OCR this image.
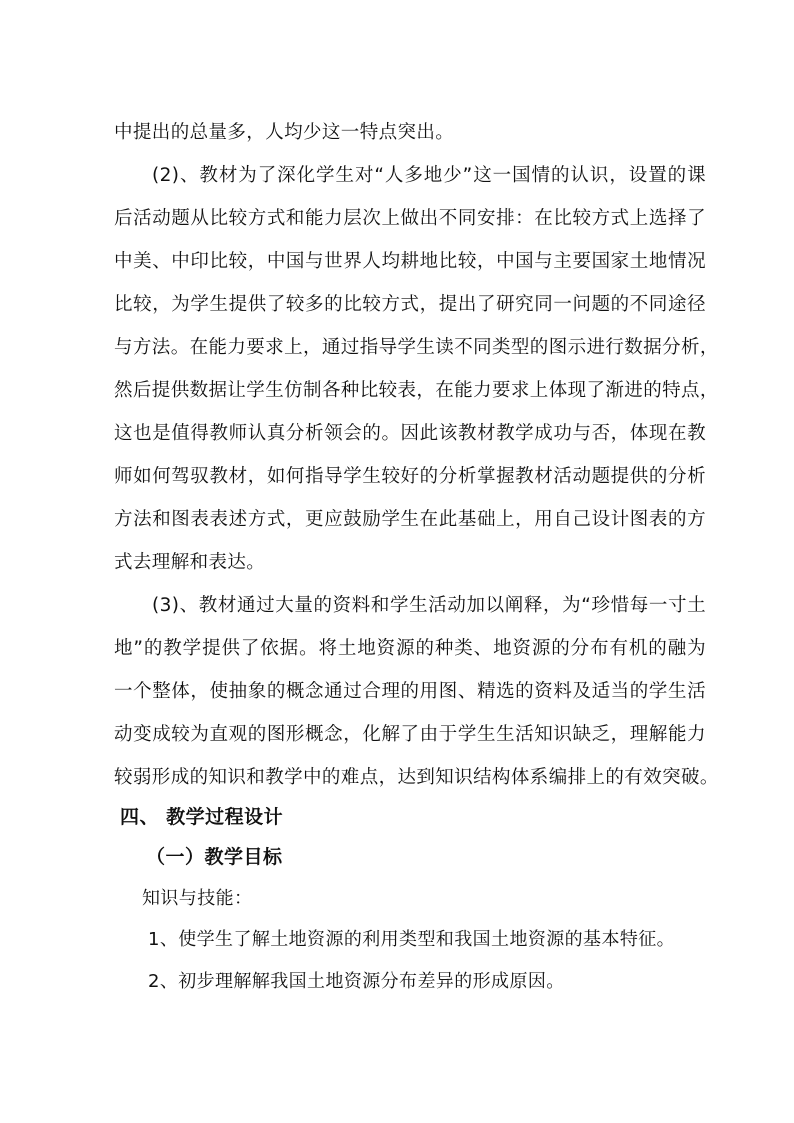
中提出的总量多，人均少这一特点突出。
(2)、教材为了深化学生对“人多地少”这一国情的认识，设置的课
后活动题从比较方式和能力层次上做出不同安排：在比较方式上选择了
中美、中印比较，中国与世界人均耕地比较，中国与主要国家土地情况
比较，为学生提供了较多的比较方式，提出了研究同一问题的不同途径
与方法。在能力要求上，通过指导学生读不同类型的图示进行数据分析，
然后提供数据让学生仿制各种比较表，在能力要求上体现了渐进的特点，
这也是值得教师认真分析领会的。因此该教材教学成功与否，体现在教
师如何驾驭教材，如何指导学生较好的分析掌握教材活动题提供的分析
方法和图表表述方式，更应鼓励学生在此基础上，用自己设计图表的方
式去理解和表达。
(3)、教材通过大量的资料和学生活动加以阐释，为“珍惜每一寸土
地”的教学提供了依据。将土地资源的种类、地资源的分布有机的融为
一个整体，使抽象的概念通过合理的用图、精选的资料及适当的学生活
动变成较为直观的图形概念，化解了由于学生生活知识缺乏，理解能力
较弱形成的知识和教学中的难点，达到知识结构体系编排上的有效突破。
四、 教学过程设计
（一）教学目标
知识与技能：
1、使学生了解土地资源的利用类型和我国土地资源的基本特征。
2、初步理解解我国土地资源分布差异的形成原因。
